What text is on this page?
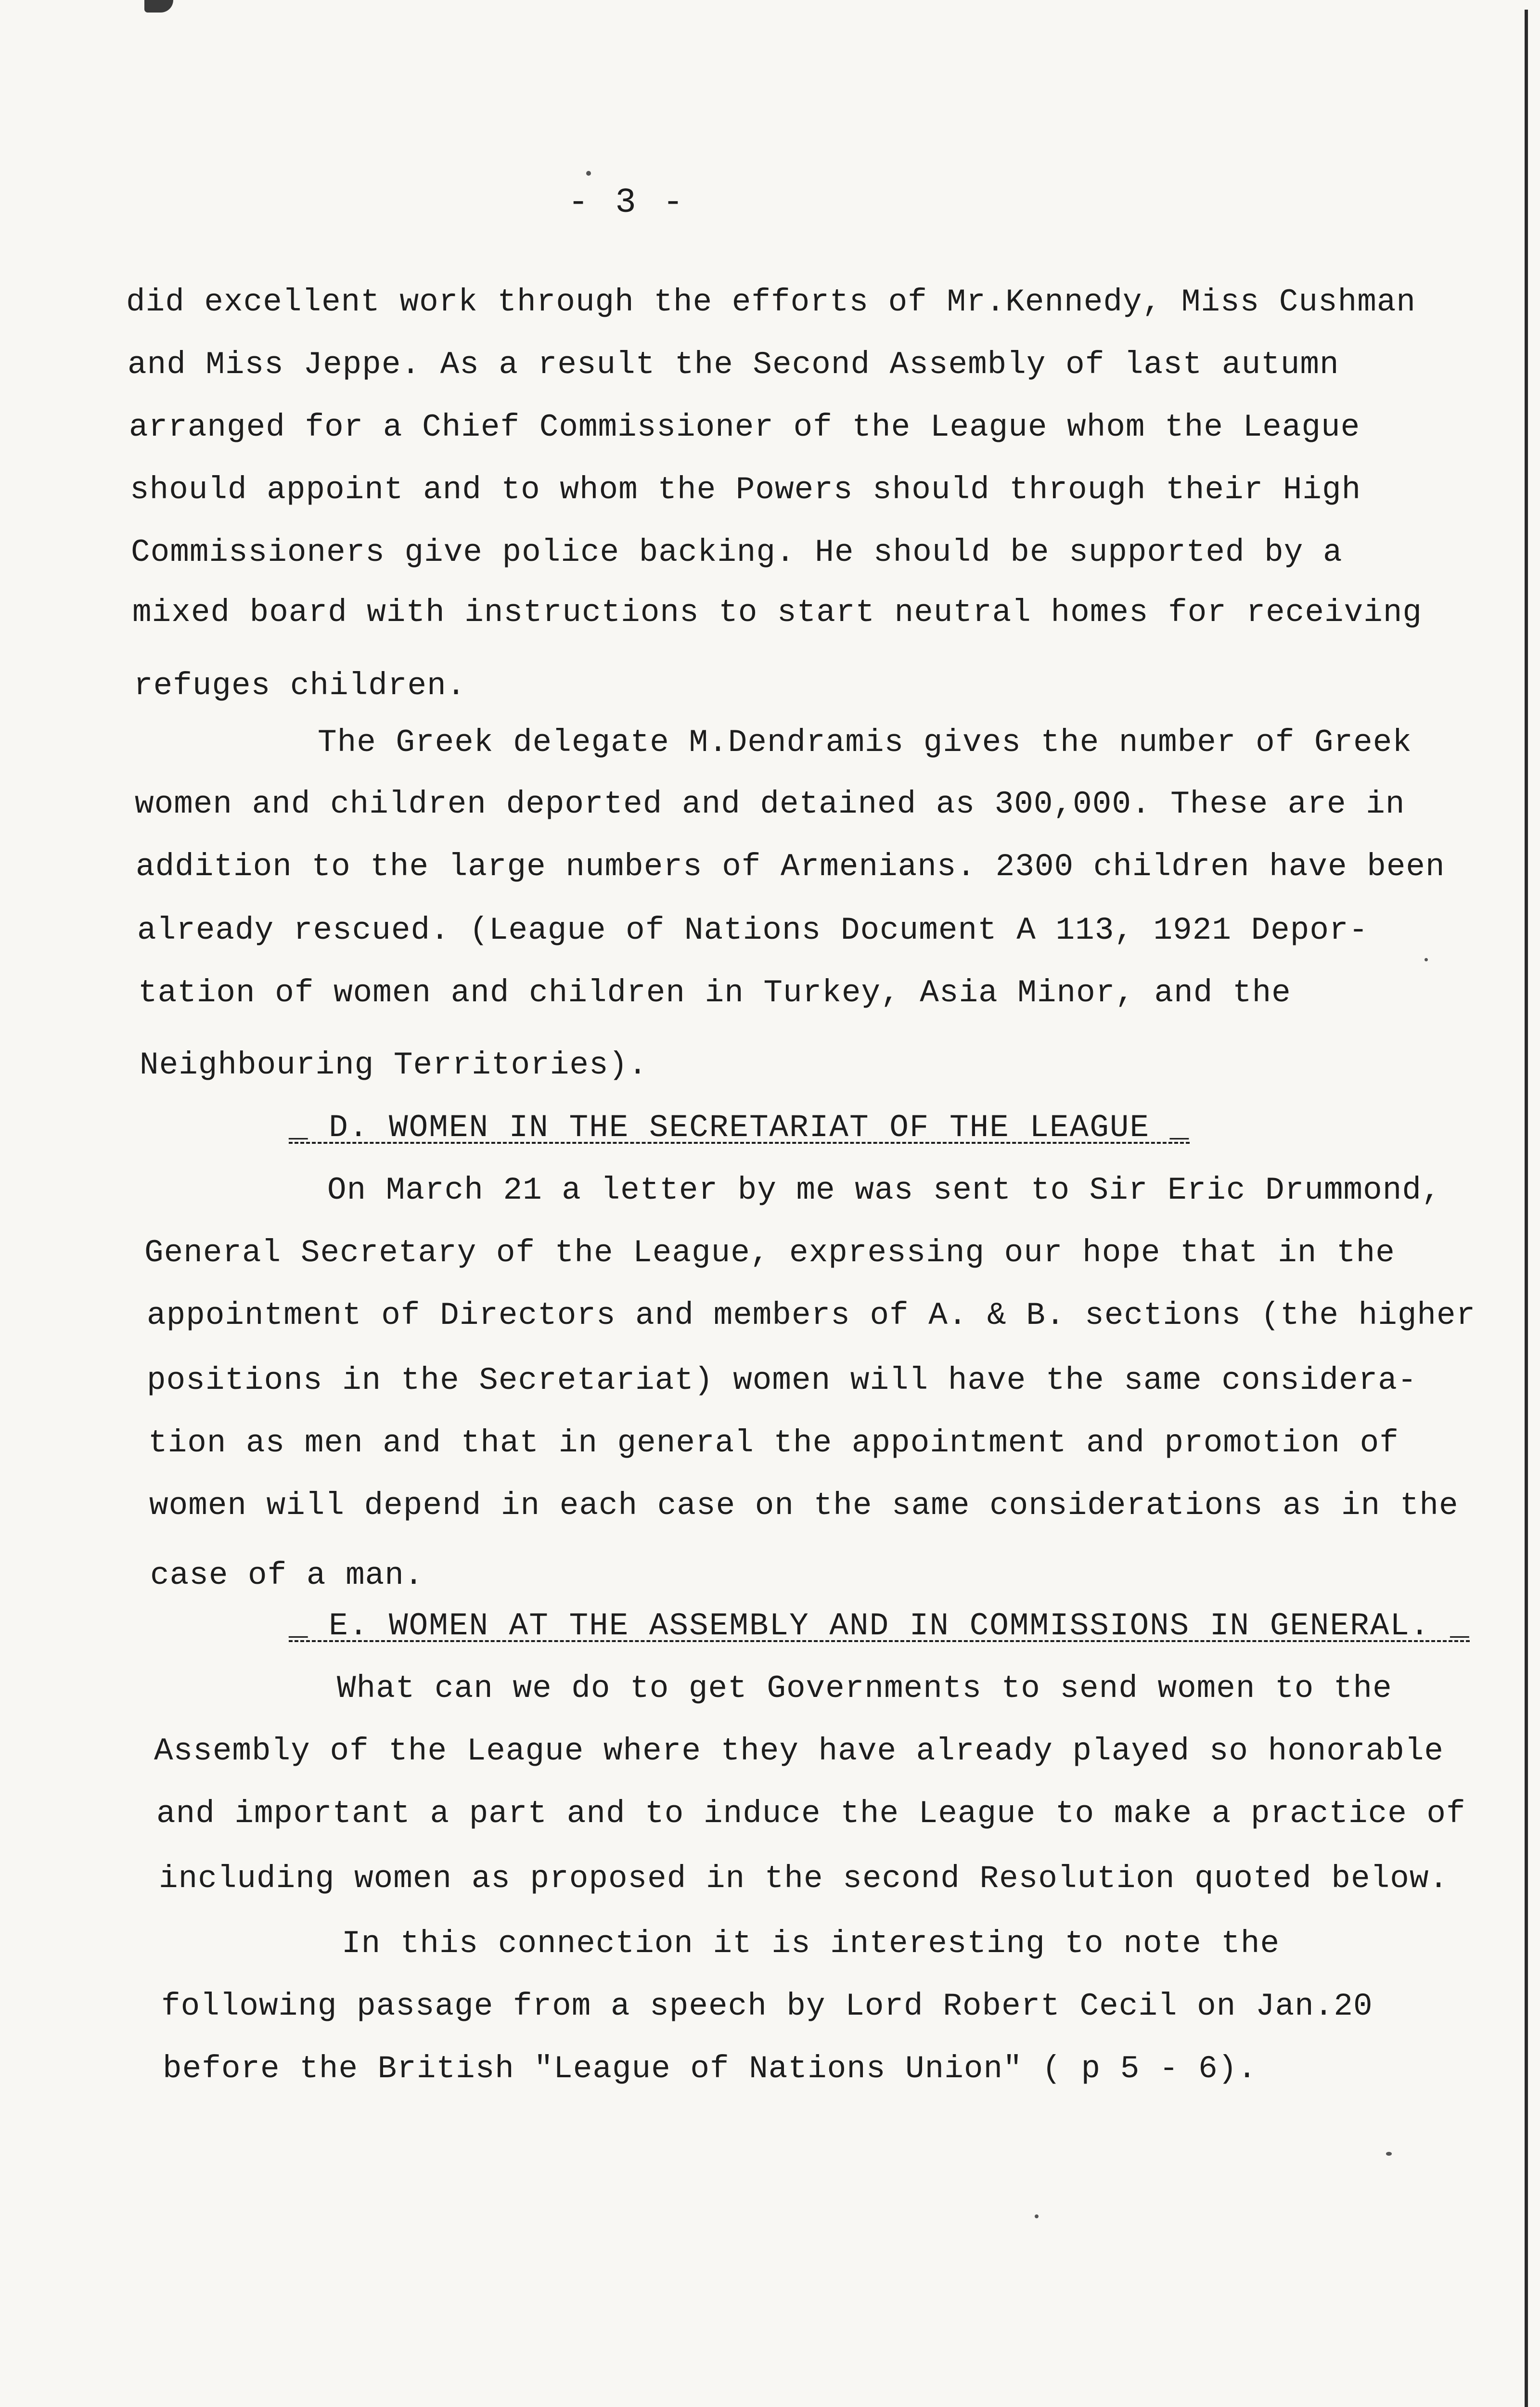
- 3 -
did excellent work through the efforts of Mr.Kennedy, Miss Cushman
and Miss Jeppe. As a result the Second Assembly of last autumn
arranged for a Chief Commissioner of the League whom the League
should appoint and to whom the Powers should through their High
Commissioners give police backing. He should be supported by a
mixed board with instructions to start neutral homes for receiving
refuges children.
The Greek delegate M.Dendramis gives the number of Greek
women and children deported and detained as 300,000. These are in
addition to the large numbers of Armenians. 2300 children have been
already rescued. (League of Nations Document A 113, 1921 Depor-
tation of women and children in Turkey, Asia Minor, and the
Neighbouring Territories).
_ D. WOMEN IN THE SECRETARIAT OF THE LEAGUE _
On March 21 a letter by me was sent to Sir Eric Drummond,
General Secretary of the League, expressing our hope that in the
appointment of Directors and members of A. & B. sections (the higher
positions in the Secretariat) women will have the same considera-
tion as men and that in general the appointment and promotion of
women will depend in each case on the same considerations as in the
case of a man.
_ E. WOMEN AT THE ASSEMBLY AND IN COMMISSIONS IN GENERAL. _
What can we do to get Governments to send women to the
Assembly of the League where they have already played so honorable
and important a part and to induce the League to make a practice of
including women as proposed in the second Resolution quoted below.
In this connection it is interesting to note the
following passage from a speech by Lord Robert Cecil on Jan.20
before the British "League of Nations Union" ( p 5 - 6).
